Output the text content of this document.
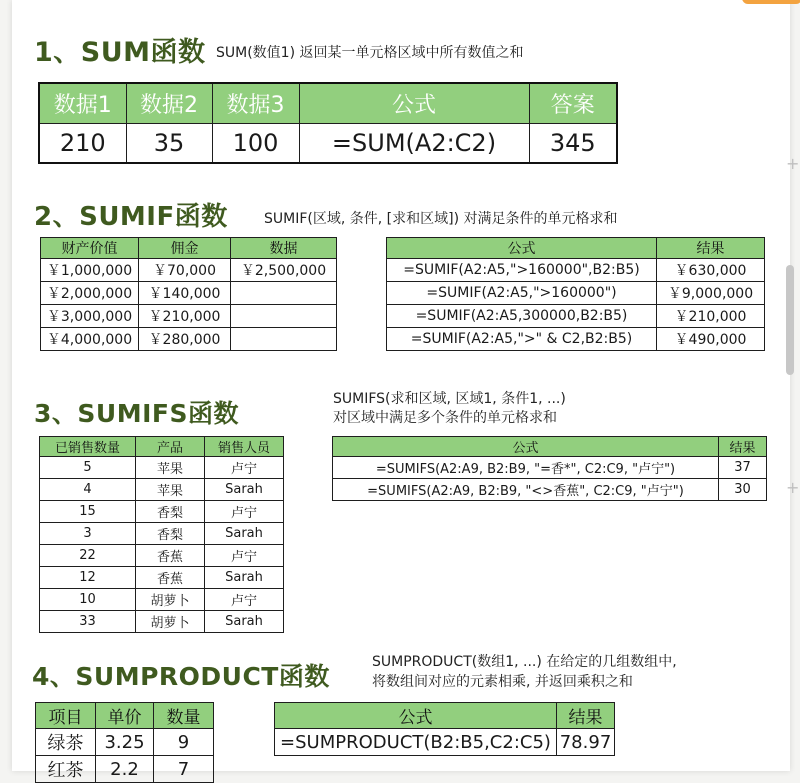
1、SUM函数 SUM(数值1) 返回某一单元格区域中所有数值之和
数据1	数据2	数据3	公式	答案
210	35	100	=SUM(A2:C2)	345
2、SUMIF函数	SUMIF(区域, 条件, [求和区域]) 对满足条件的单元格求和
财产价值	佣金	数据
￥1,000,000	￥70,000	￥2,500,000
￥2,000,000	￥140,000	
￥3,000,000	￥210,000	
￥4,000,000	￥280,000	
公式	结果
=SUMIF(A2:A5,">160000",B2:B5)	￥630,000
=SUMIF(A2:A5,">160000")	￥9,000,000
=SUMIF(A2:A5,300000,B2:B5)	￥210,000
=SUMIF(A2:A5,">" & C2,B2:B5)	￥490,000
3、SUMIFS函数	SUMIFS(求和区域, 区域1, 条件1, ...)
对区域中满足多个条件的单元格求和
已销售数量	产品	销售人员
5	苹果	卢宁
4	苹果	Sarah
15	香梨	卢宁
3	香梨	Sarah
22	香蕉	卢宁
12	香蕉	Sarah
10	胡萝卜	卢宁
33	胡萝卜	Sarah
公式	结果
=SUMIFS(A2:A9, B2:B9, "=香*", C2:C9, "卢宁")	37
=SUMIFS(A2:A9, B2:B9, "<>香蕉", C2:C9, "卢宁")	30
4、SUMPRODUCT函数	SUMPRODUCT(数组1, ...) 在给定的几组数组中,
将数组间对应的元素相乘, 并返回乘积之和
项目	单价	数量
绿茶	3.25	9
红茶	2.2	7
公式	结果
=SUMPRODUCT(B2:B5,C2:C5)	78.97
+
+
